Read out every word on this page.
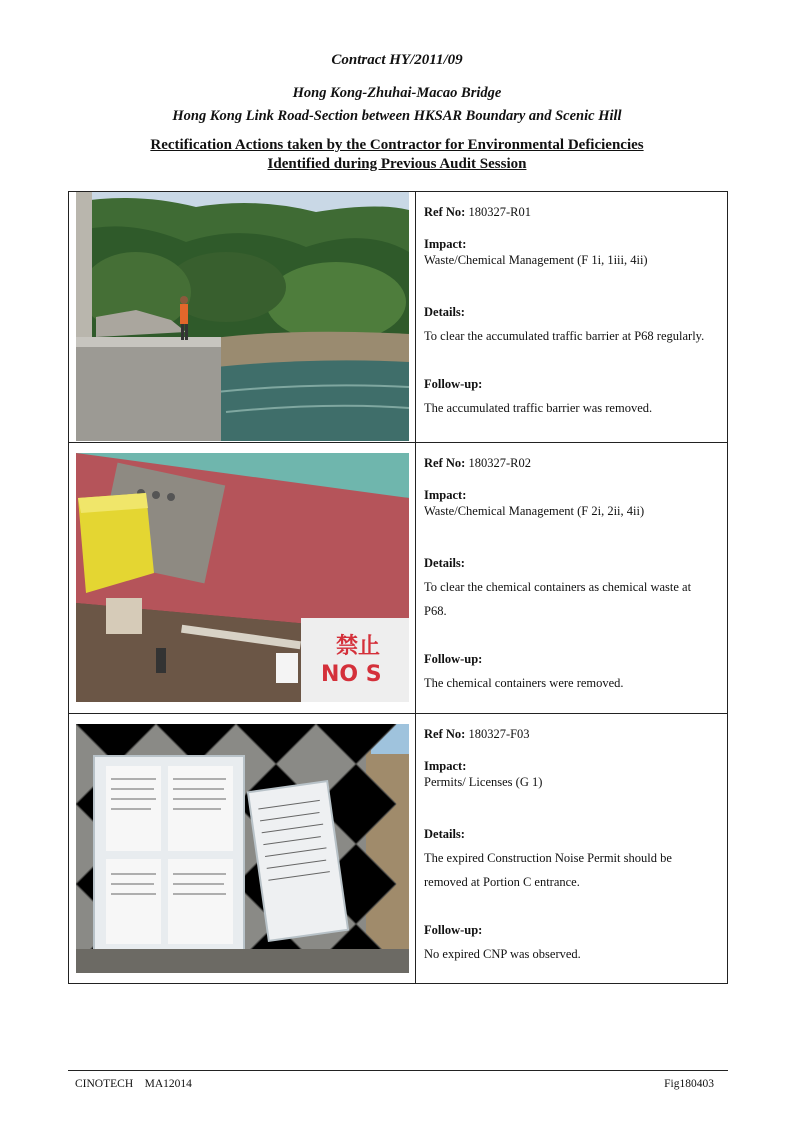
Contract HY/2011/09
Hong Kong-Zhuhai-Macao Bridge
Hong Kong Link Road-Section between HKSAR Boundary and Scenic Hill
Rectification Actions taken by the Contractor for Environmental Deficiencies
Identified during Previous Audit Session
Ref No: 180327-R01
Impact:
Waste/Chemical Management (F 1i, 1iii, 4ii)
Details:
To clear the accumulated traffic barrier at P68 regularly.
Follow-up:
The accumulated traffic barrier was removed.
禁止
NO S
Ref No: 180327-R02
Impact:
Waste/Chemical Management (F 2i, 2ii, 4ii)
Details:
To clear the chemical containers as chemical waste at
P68.
Follow-up:
The chemical containers were removed.
Ref No: 180327-F03
Impact:
Permits/ Licenses (G 1)
Details:
The expired Construction Noise Permit should be
removed at Portion C entrance.
Follow-up:
No expired CNP was observed.
CINOTECH    MA12014	Fig180403
